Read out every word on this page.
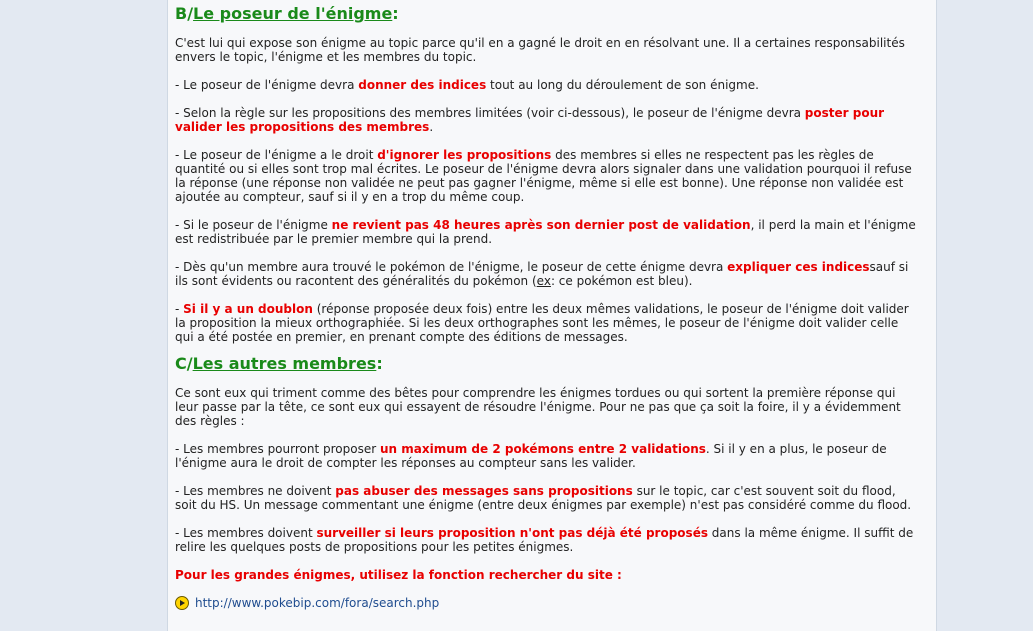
B/Le poseur de l'énigme:

C'est lui qui expose son énigme au topic parce qu'il en a gagné le droit en en résolvant une. Il a certaines responsabilités envers le topic, l'énigme et les membres du topic.

- Le poseur de l'énigme devra donner des indices tout au long du déroulement de son énigme.

- Selon la règle sur les propositions des membres limitées (voir ci-dessous), le poseur de l'énigme devra poster pour valider les propositions des membres.

- Le poseur de l'énigme a le droit d'ignorer les propositions des membres si elles ne respectent pas les règles de quantité ou si elles sont trop mal écrites. Le poseur de l'énigme devra alors signaler dans une validation pourquoi il refuse la réponse (une réponse non validée ne peut pas gagner l'énigme, même si elle est bonne). Une réponse non validée est ajoutée au compteur, sauf si il y en a trop du même coup.

- Si le poseur de l'énigme ne revient pas 48 heures après son dernier post de validation, il perd la main et l'énigme est redistribuée par le premier membre qui la prend.

- Dès qu'un membre aura trouvé le pokémon de l'énigme, le poseur de cette énigme devra expliquer ces indicessauf si ils sont évidents ou racontent des généralités du pokémon (ex: ce pokémon est bleu).

- Si il y a un doublon (réponse proposée deux fois) entre les deux mêmes validations, le poseur de l'énigme doit valider la proposition la mieux orthographiée. Si les deux orthographes sont les mêmes, le poseur de l'énigme doit valider celle qui a été postée en premier, en prenant compte des éditions de messages.

C/Les autres membres:

Ce sont eux qui triment comme des bêtes pour comprendre les énigmes tordues ou qui sortent la première réponse qui leur passe par la tête, ce sont eux qui essayent de résoudre l'énigme. Pour ne pas que ça soit la foire, il y a évidemment des règles :

- Les membres pourront proposer un maximum de 2 pokémons entre 2 validations. Si il y en a plus, le poseur de l'énigme aura le droit de compter les réponses au compteur sans les valider.

- Les membres ne doivent pas abuser des messages sans propositions sur le topic, car c'est souvent soit du flood, soit du HS. Un message commentant une énigme (entre deux énigmes par exemple) n'est pas considéré comme du flood.

- Les membres doivent surveiller si leurs proposition n'ont pas déjà été proposés dans la même énigme. Il suffit de relire les quelques posts de propositions pour les petites énigmes.

Pour les grandes énigmes, utilisez la fonction rechercher du site :

http://www.pokebip.com/fora/search.php
